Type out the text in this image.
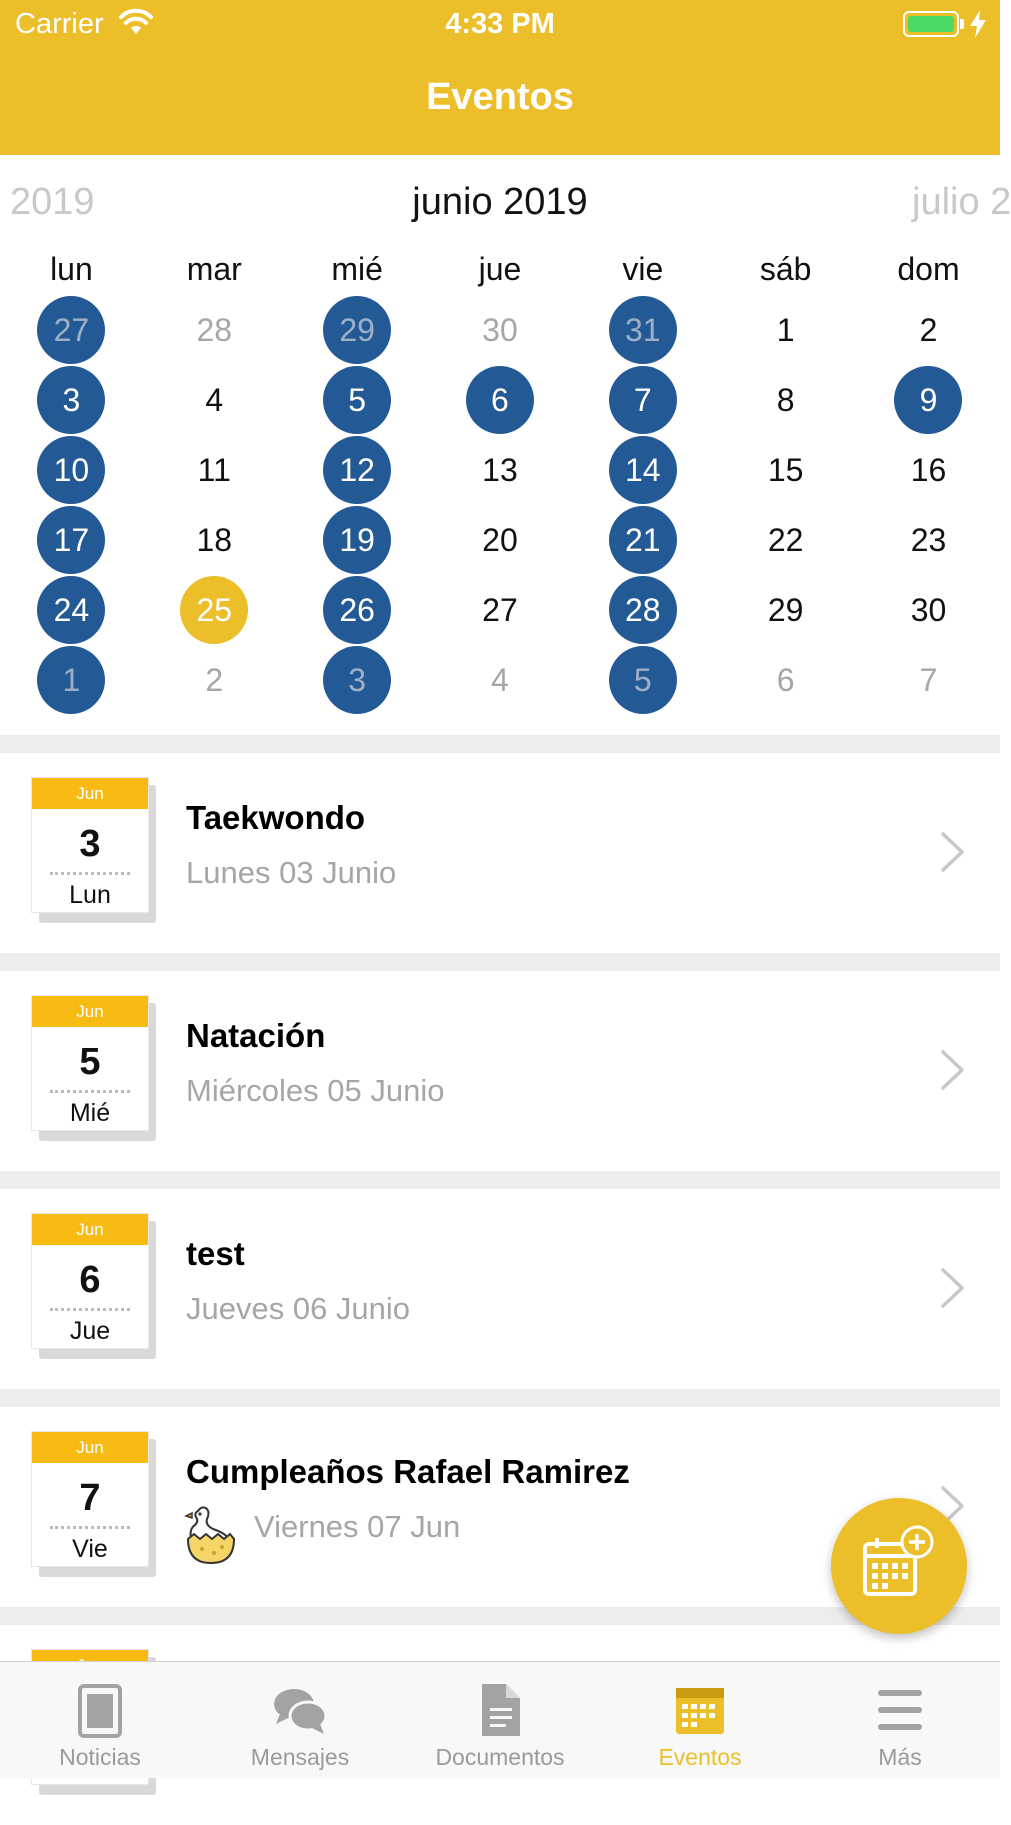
Carrier	4:33 PM
Eventos
2019	junio 2019	julio 2
lun	mar	mié	jue	vie	sáb	dom
27	28	29	30	31	1	2
3	4	5	6	7	8	9
10	11	12	13	14	15	16
17	18	19	20	21	22	23
24	25	26	27	28	29	30
1	2	3	4	5	6	7
Jun
3
Lun
Taekwondo
Lunes 03 Junio
Jun
5
Mié
Natación
Miércoles 05 Junio
Jun
6
Jue
test
Jueves 06 Junio
Jun
7
Vie
Cumpleaños Rafael Ramirez
Viernes 07 Jun
Noticias	Mensajes	Documentos	Eventos	Más
